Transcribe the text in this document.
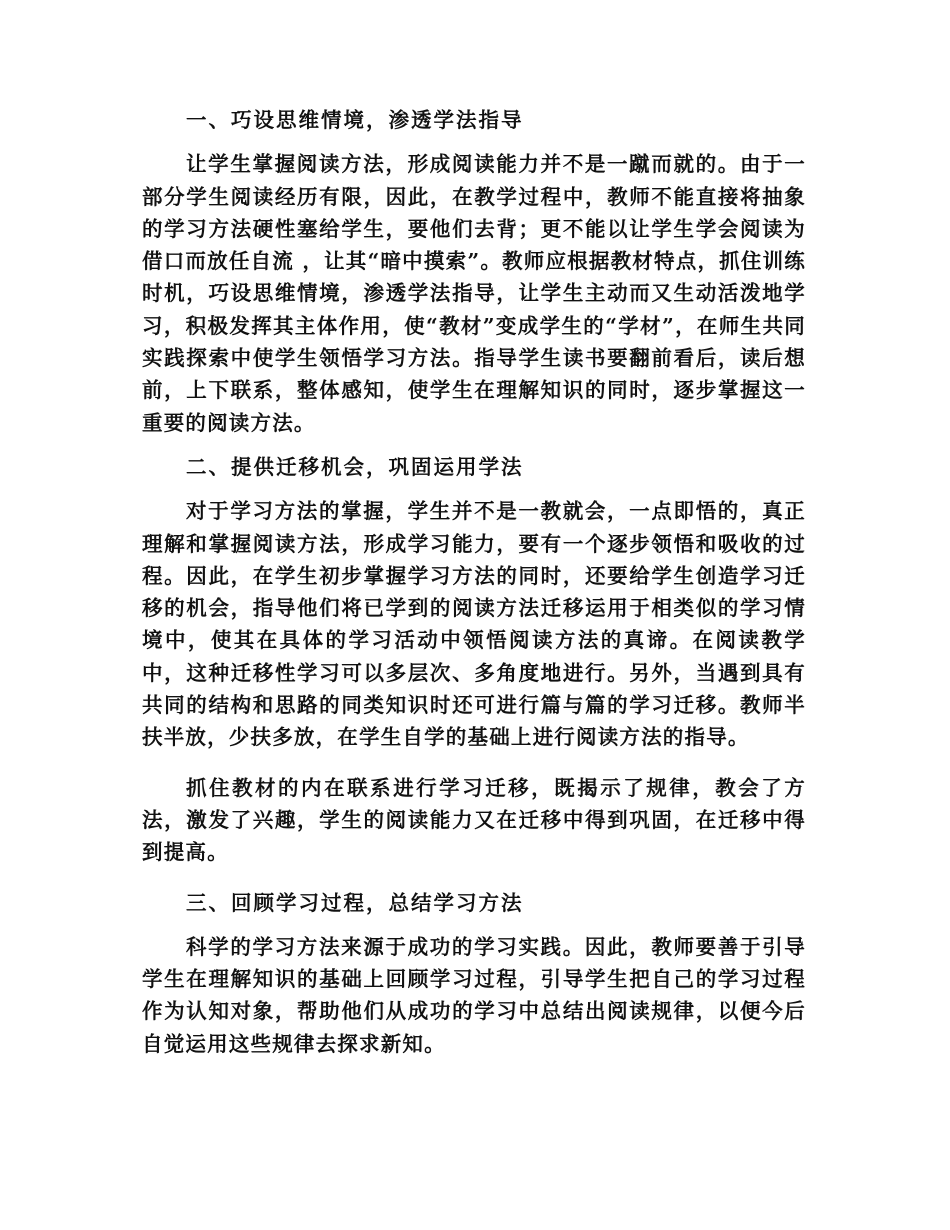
一、巧设思维情境，渗透学法指导

让学生掌握阅读方法，形成阅读能力并不是一蹴而就的。由于一部分学生阅读经历有限，因此，在教学过程中，教师不能直接将抽象的学习方法硬性塞给学生，要他们去背；更不能以让学生学会阅读为借口而放任自流 ，让其“暗中摸索”。教师应根据教材特点，抓住训练时机，巧设思维情境，渗透学法指导，让学生主动而又生动活泼地学习，积极发挥其主体作用，使“教材”变成学生的“学材”，在师生共同实践探索中使学生领悟学习方法。指导学生读书要翻前看后，读后想前，上下联系，整体感知，使学生在理解知识的同时，逐步掌握这一重要的阅读方法。

二、提供迁移机会，巩固运用学法

对于学习方法的掌握，学生并不是一教就会，一点即悟的，真正理解和掌握阅读方法，形成学习能力，要有一个逐步领悟和吸收的过程。因此，在学生初步掌握学习方法的同时，还要给学生创造学习迁移的机会，指导他们将已学到的阅读方法迁移运用于相类似的学习情境中，使其在具体的学习活动中领悟阅读方法的真谛。在阅读教学中，这种迁移性学习可以多层次、多角度地进行。另外，当遇到具有共同的结构和思路的同类知识时还可进行篇与篇的学习迁移。教师半扶半放，少扶多放，在学生自学的基础上进行阅读方法的指导。

抓住教材的内在联系进行学习迁移，既揭示了规律，教会了方法，激发了兴趣，学生的阅读能力又在迁移中得到巩固，在迁移中得到提高。

三、回顾学习过程，总结学习方法

科学的学习方法来源于成功的学习实践。因此，教师要善于引导学生在理解知识的基础上回顾学习过程，引导学生把自己的学习过程作为认知对象，帮助他们从成功的学习中总结出阅读规律，以便今后自觉运用这些规律去探求新知。
